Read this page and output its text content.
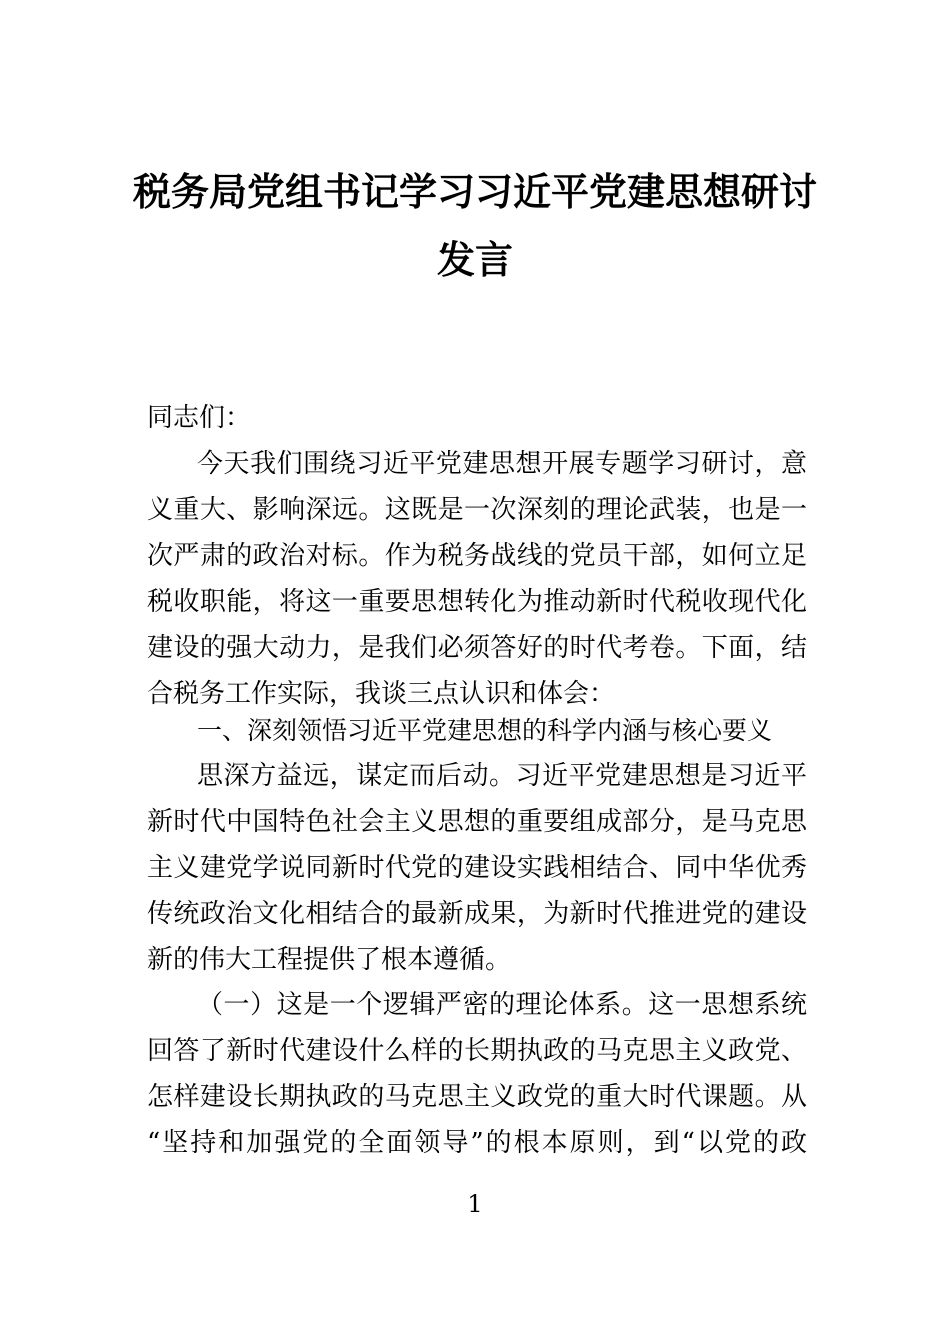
税务局党组书记学习习近平党建思想研讨
发言
同志们：
今天我们围绕习近平党建思想开展专题学习研讨，意
义重大、影响深远。这既是一次深刻的理论武装，也是一
次严肃的政治对标。作为税务战线的党员干部，如何立足
税收职能，将这一重要思想转化为推动新时代税收现代化
建设的强大动力，是我们必须答好的时代考卷。下面，结
合税务工作实际，我谈三点认识和体会：
一、深刻领悟习近平党建思想的科学内涵与核心要义
思深方益远，谋定而后动。习近平党建思想是习近平
新时代中国特色社会主义思想的重要组成部分，是马克思
主义建党学说同新时代党的建设实践相结合、同中华优秀
传统政治文化相结合的最新成果，为新时代推进党的建设
新的伟大工程提供了根本遵循。
（一）这是一个逻辑严密的理论体系。这一思想系统
回答了新时代建设什么样的长期执政的马克思主义政党、
怎样建设长期执政的马克思主义政党的重大时代课题。从
“坚持和加强党的全面领导”的根本原则，到“以党的政
1
